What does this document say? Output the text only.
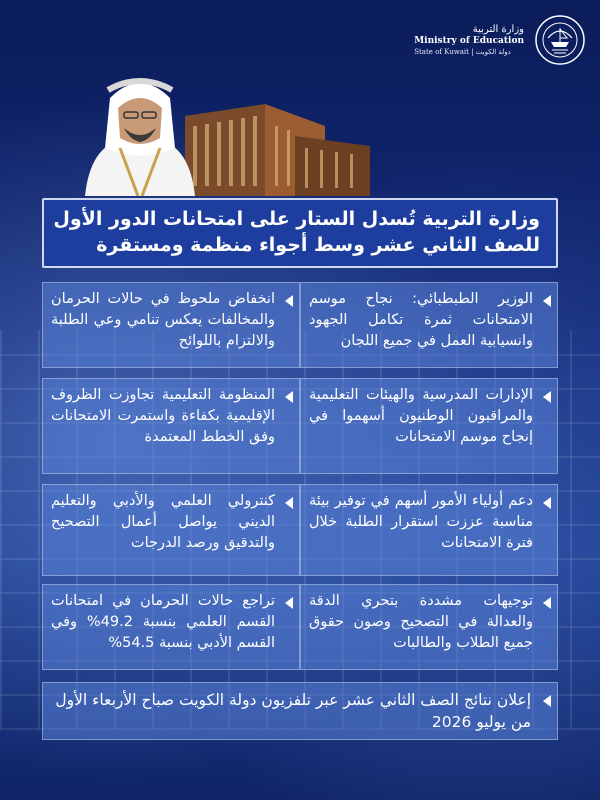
وزارة التربية
Ministry of Education
State of Kuwait | دولة الكويت
وزارة التربية تُسدل الستار على امتحانات الدور الأول
للصف الثاني عشر وسط أجواء منظمة ومستقرة

الوزير الطبطبائي: نجاح موسم الامتحانات ثمرة تكامل الجهود وانسيابية العمل في جميع اللجان

انخفاض ملحوظ في حالات الحرمان والمخالفات يعكس تنامي وعي الطلبة والالتزام باللوائح

الإدارات المدرسية والهيئات التعليمية والمراقبون الوطنيون أسهموا في إنجاح موسم الامتحانات

المنظومة التعليمية تجاوزت الظروف الإقليمية بكفاءة واستمرت الامتحانات وفق الخطط المعتمدة

دعم أولياء الأمور أسهم في توفير بيئة مناسبة عززت استقرار الطلبة خلال فترة الامتحانات

كنترولي العلمي والأدبي والتعليم الديني يواصل أعمال التصحيح والتدقيق ورصد الدرجات

توجيهات مشددة بتحري الدقة والعدالة في التصحيح وصون حقوق جميع الطلاب والطالبات

تراجع حالات الحرمان في امتحانات القسم العلمي بنسبة 49.2% وفي القسم الأدبي بنسبة 54.5%

إعلان نتائج الصف الثاني عشر عبر تلفزيون دولة الكويت صباح الأربعاء الأول من يوليو 2026
